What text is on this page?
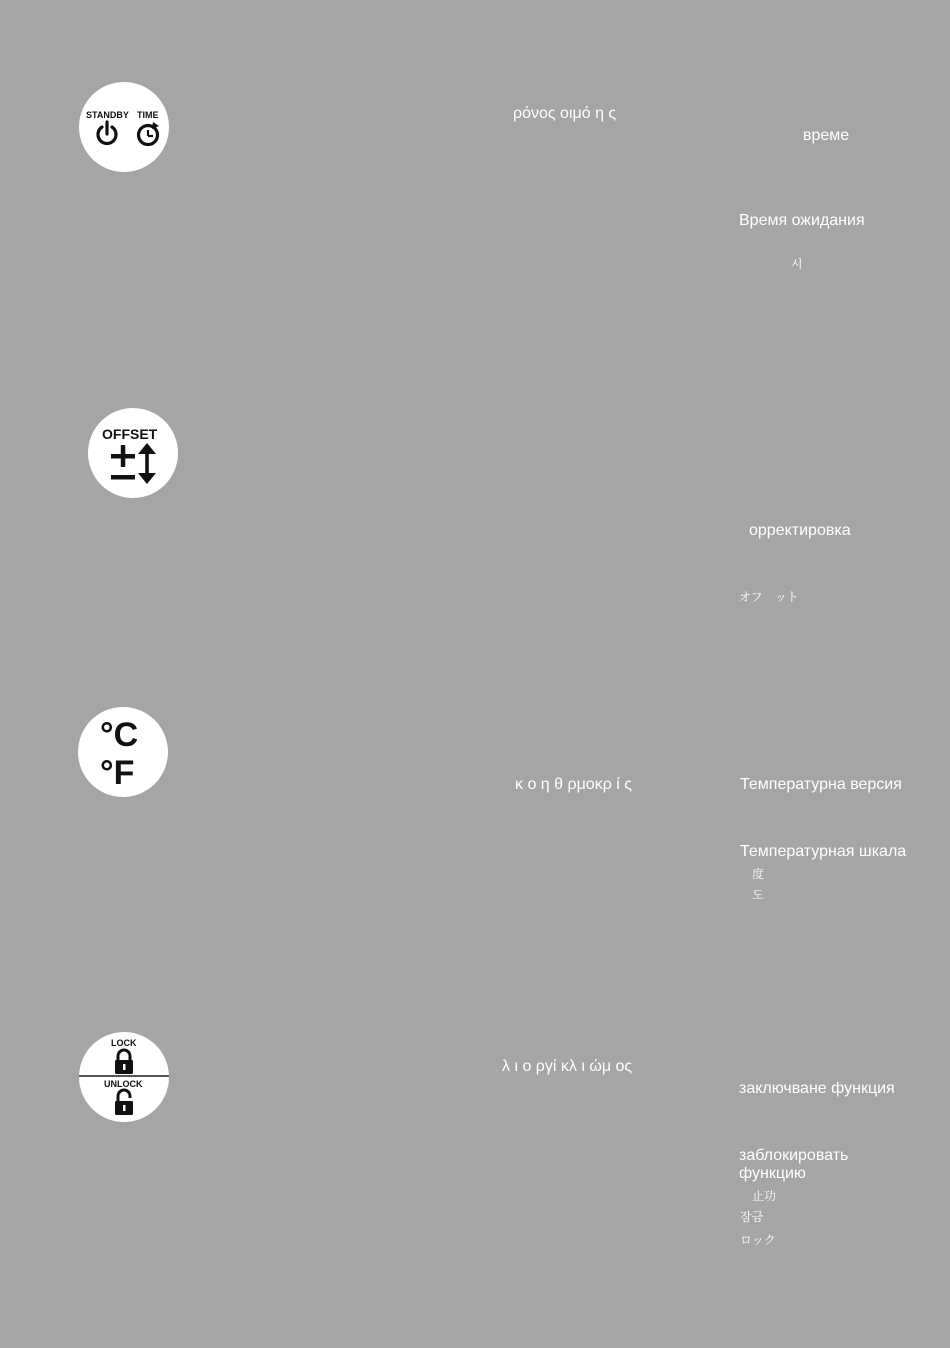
STANDBY TIME	ρόνος οιμό η ς
време
Время ожидания
시
OFFSET
орректировка
オフ　ット
°C
°F	κ ο η θ ρμοκρ ί ς	Температурна версия
Температурная шкала
度
도
LOCK
UNLOCK
λ ι ο ργί κλ ι ώμ ος
заключване функция
заблокировать
функцию
止功
잠금
ロック
